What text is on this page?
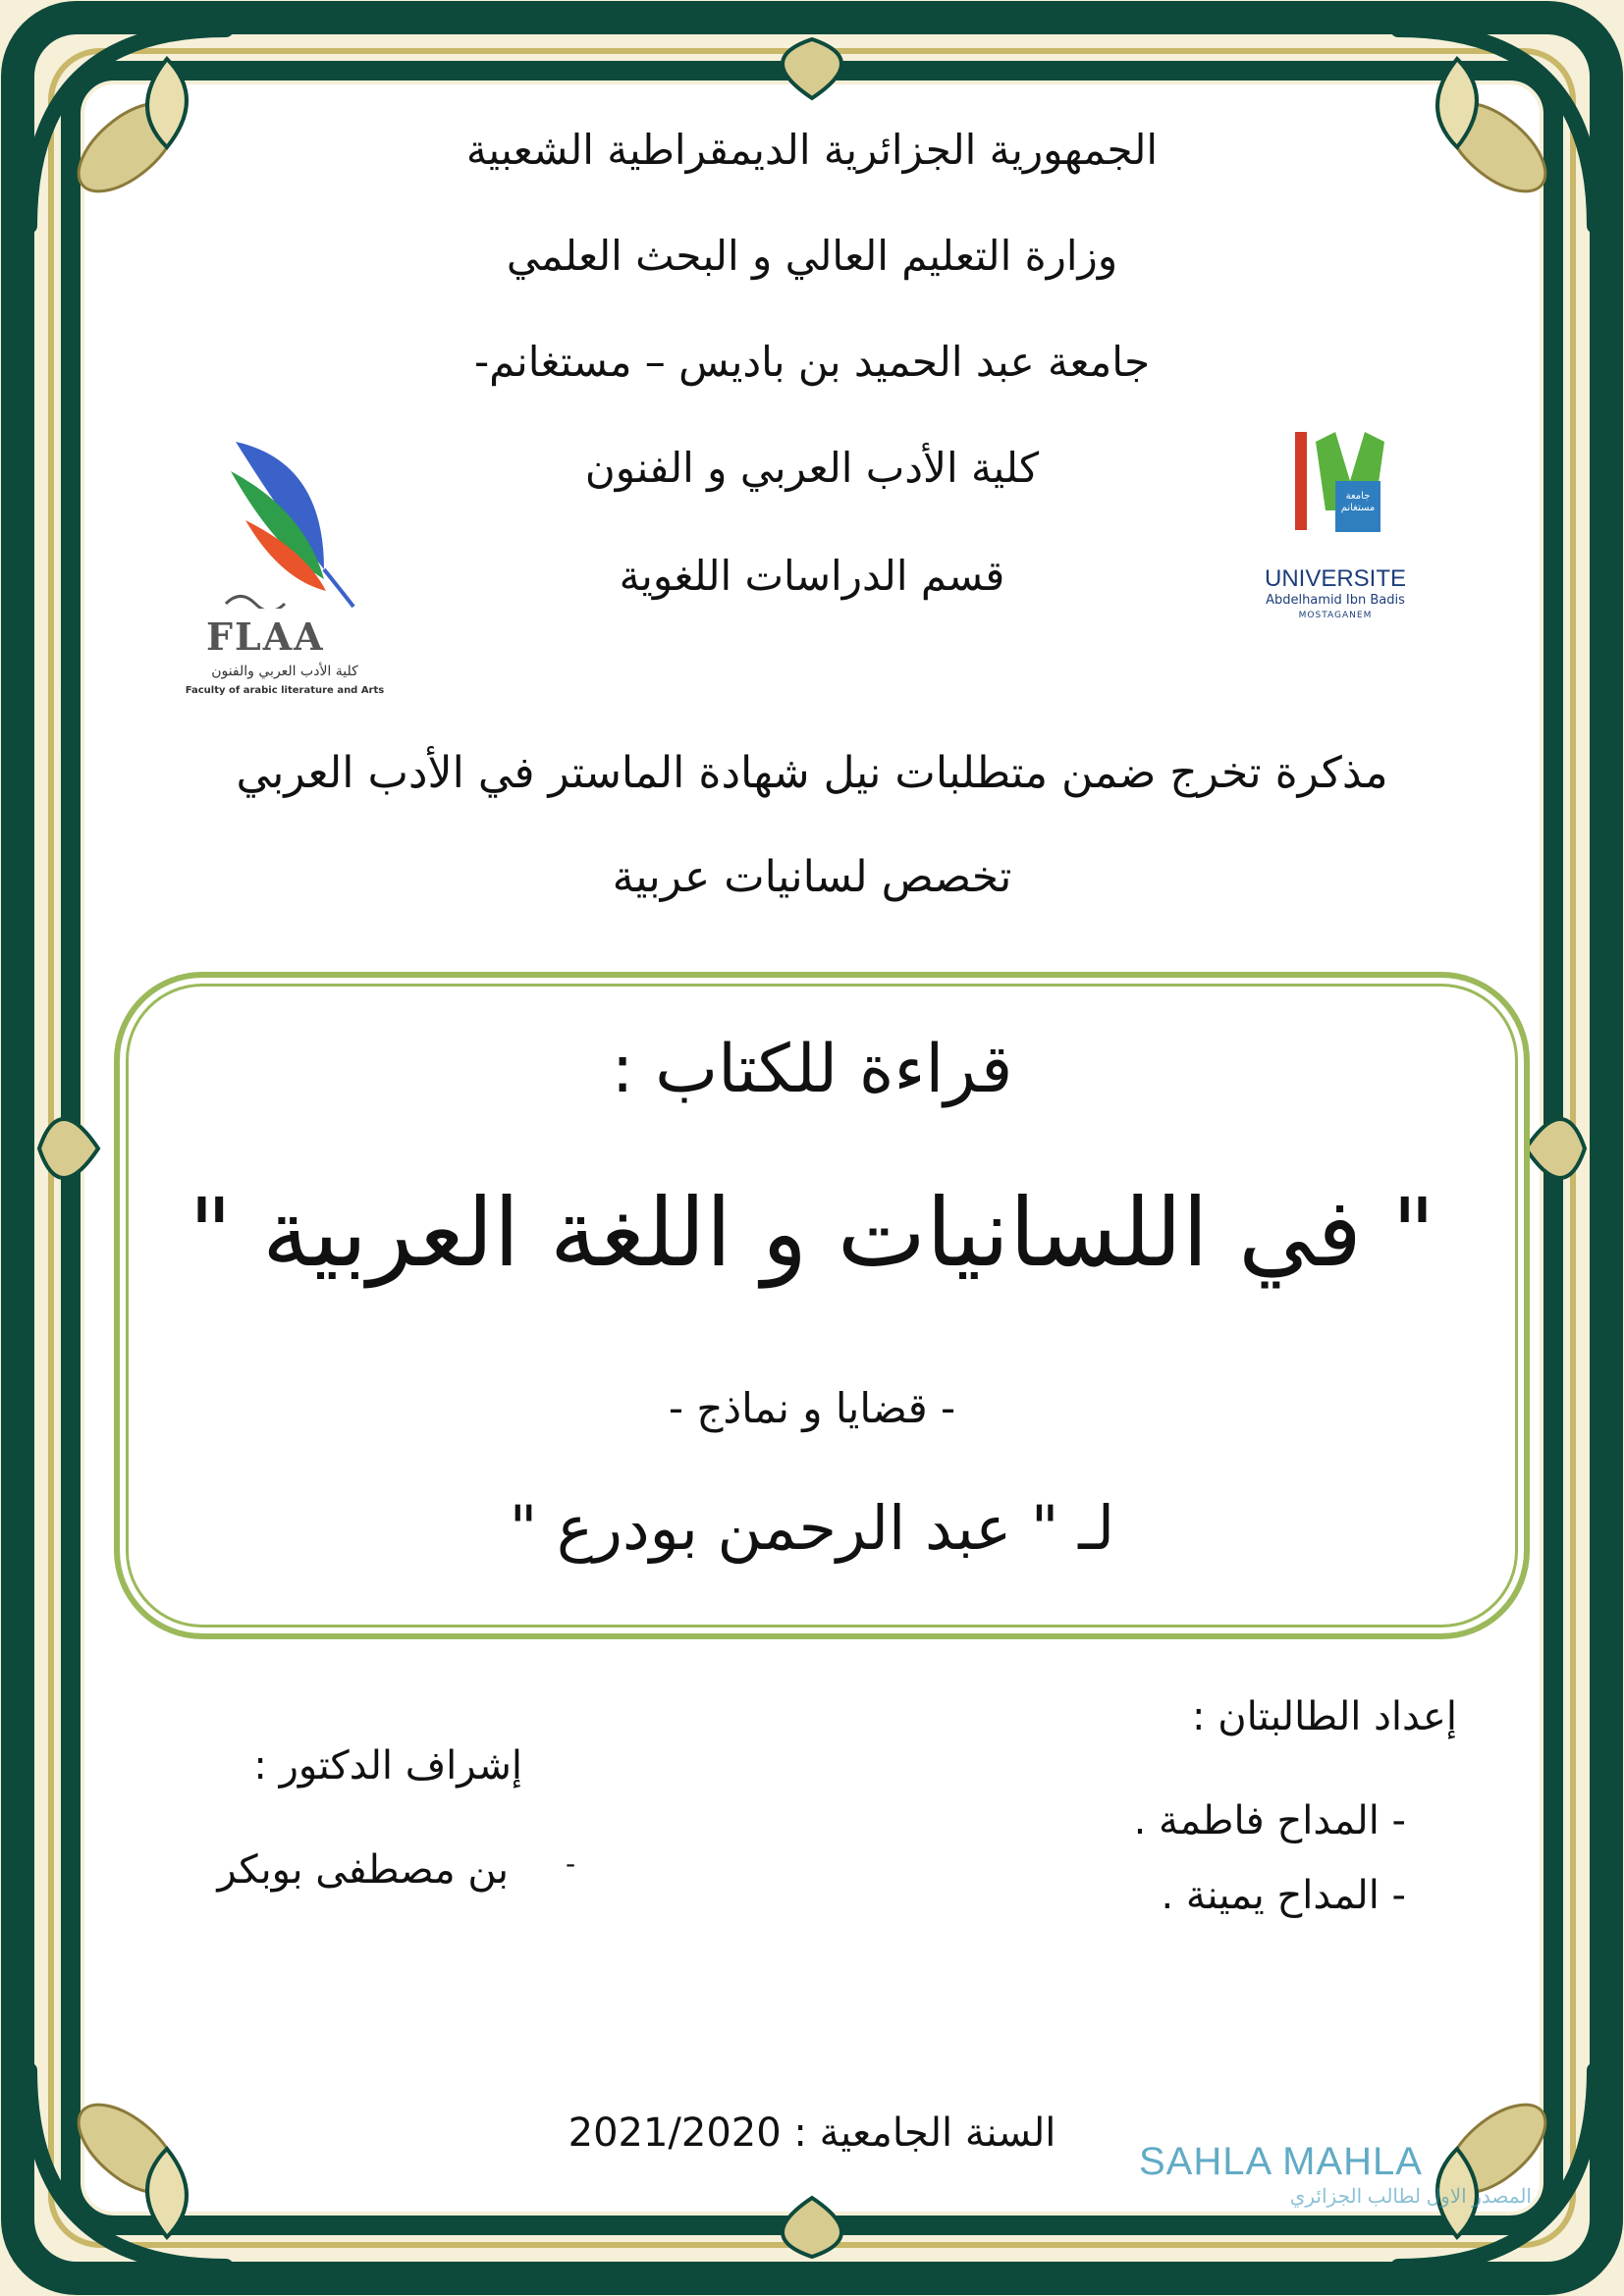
الجمهورية الجزائرية الديمقراطية الشعبية
وزارة التعليم العالي و البحث العلمي
جامعة عبد الحميد بن باديس – مستغانم-
كلية الأدب العربي و الفنون
قسم الدراسات اللغوية
FLAA
كلية الأدب العربي والفنون
Faculty of arabic literature and Arts
جامعة مستغانم
UNIVERSITE
Abdelhamid Ibn Badis
MOSTAGANEM
مذكرة تخرج ضمن متطلبات نيل شهادة الماستر في الأدب العربي
تخصص لسانيات عربية
قراءة للكتاب :
" في اللسانيات و اللغة العربية "
- قضايا و نماذج -
لـ " عبد الرحمن بودرع "
إعداد الطالبتان :
- المداح فاطمة .
- المداح يمينة .
إشراف الدكتور :
-
بن مصطفى بوبكر
السنة الجامعية : 2021/2020
SAHLA MAHLA
المصدر الاول لطالب الجزائري
